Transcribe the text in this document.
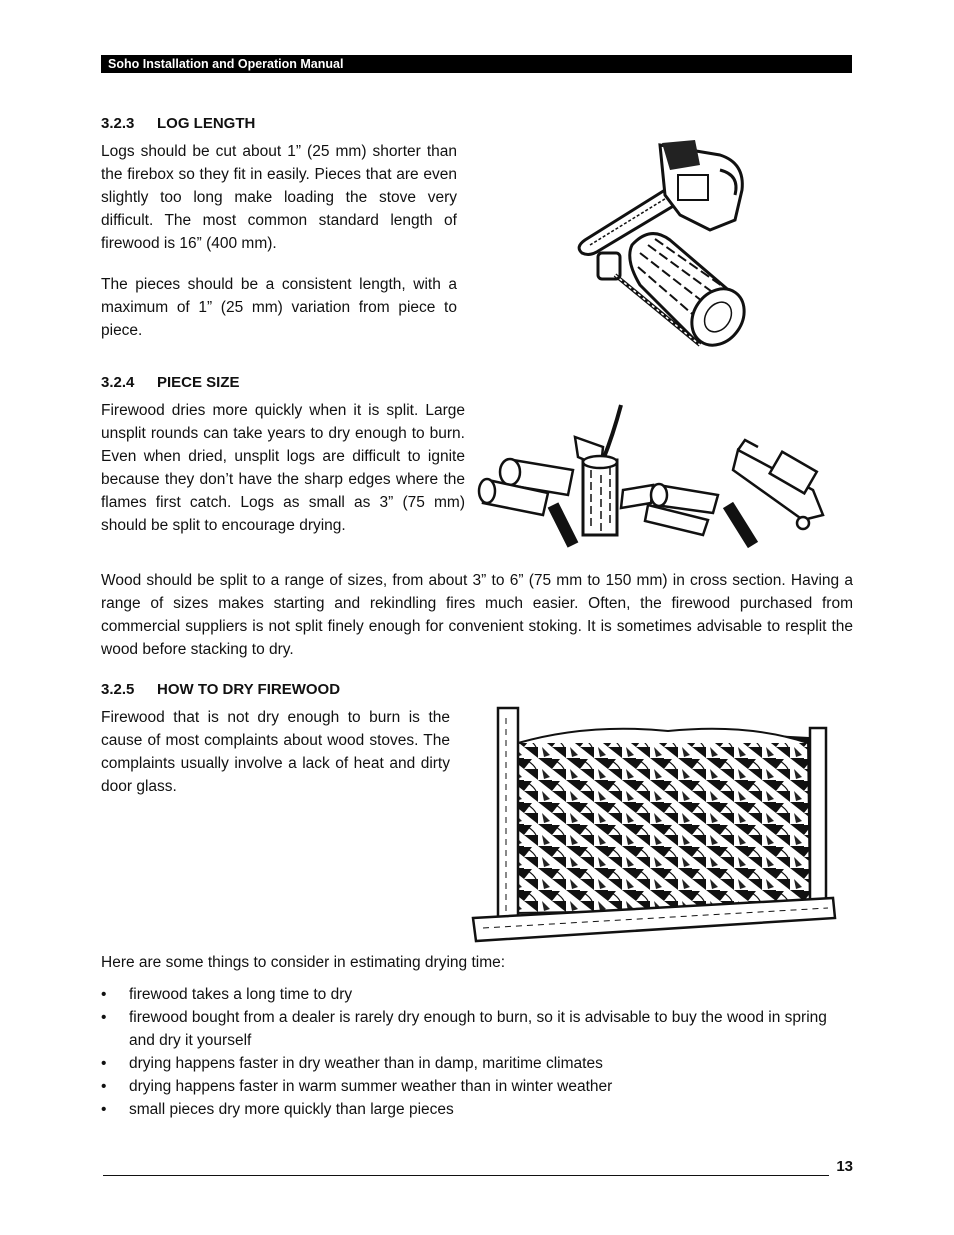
Soho Installation and Operation Manual
3.2.3 LOG LENGTH

Logs should be cut about 1” (25 mm) shorter than the firebox so they fit in easily. Pieces that are even slightly too long make loading the stove very difficult. The most common standard length of firewood is 16” (400 mm).

The pieces should be a consistent length, with a maximum of 1” (25 mm) variation from piece to piece.

3.2.4 PIECE SIZE

Firewood dries more quickly when it is split. Large unsplit rounds can take years to dry enough to burn. Even when dried, unsplit logs are difficult to ignite because they don’t have the sharp edges where the flames first catch. Logs as small as 3” (75 mm) should be split to encourage drying.

Wood should be split to a range of sizes, from about 3” to 6” (75 mm to 150 mm) in cross section. Having a range of sizes makes starting and rekindling fires much easier. Often, the firewood purchased from commercial suppliers is not split finely enough for convenient stoking. It is sometimes advisable to resplit the wood before stacking to dry.

3.2.5 HOW TO DRY FIREWOOD

Firewood that is not dry enough to burn is the cause of most complaints about wood stoves. The complaints usually involve a lack of heat and dirty door glass.

Here are some things to consider in estimating drying time:

• firewood takes a long time to dry
• firewood bought from a dealer is rarely dry enough to burn, so it is advisable to buy the wood in spring and dry it yourself
• drying happens faster in dry weather than in damp, maritime climates
• drying happens faster in warm summer weather than in winter weather
• small pieces dry more quickly than large pieces
13
